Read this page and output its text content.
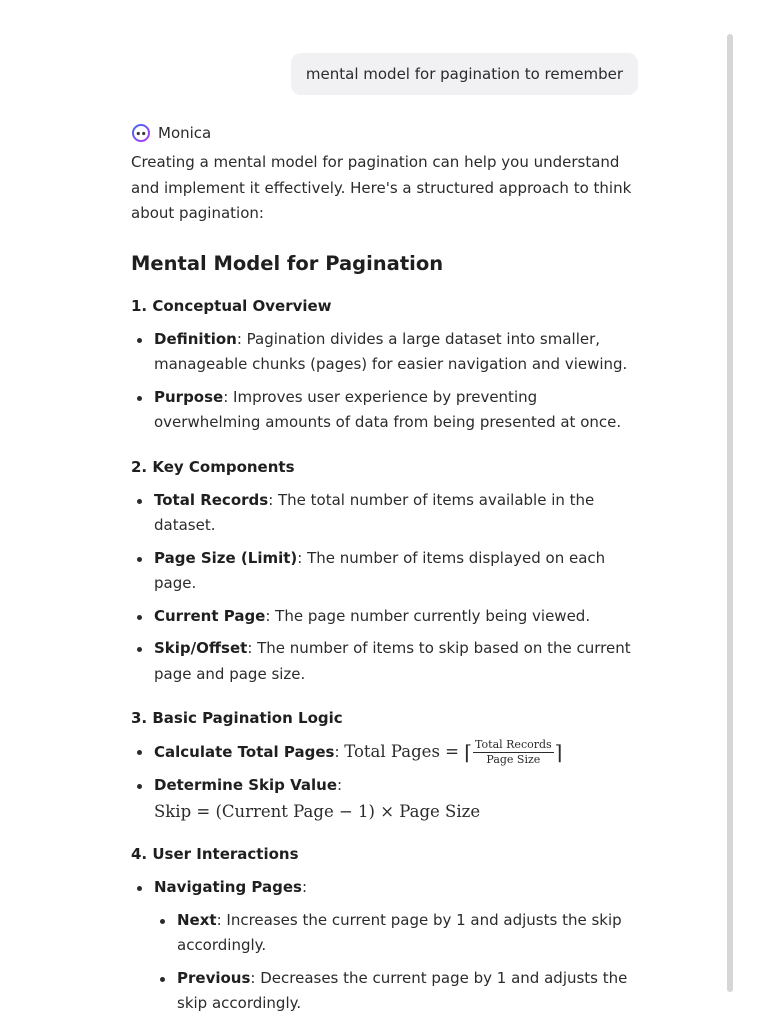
mental model for pagination to remember
Monica

Creating a mental model for pagination can help you understand and implement it effectively. Here's a structured approach to think about pagination:

Mental Model for Pagination
1. Conceptual Overview
Definition: Pagination divides a large dataset into smaller, manageable chunks (pages) for easier navigation and viewing.
Purpose: Improves user experience by preventing overwhelming amounts of data from being presented at once.
2. Key Components
Total Records: The total number of items available in the dataset.
Page Size (Limit): The number of items displayed on each page.
Current Page: The page number currently being viewed.
Skip/Offset: The number of items to skip based on the current page and page size.
3. Basic Pagination Logic
Calculate Total Pages: Total Pages = ⌈ $\frac{\text{Total Records}}{\text{Page Size}}$ ⌉
Determine Skip Value: Skip = (Current Page − 1) × Page Size
4. User Interactions
Navigating Pages:
Next: Increases the current page by 1 and adjusts the skip accordingly.
Previous: Decreases the current page by 1 and adjusts the skip accordingly.
